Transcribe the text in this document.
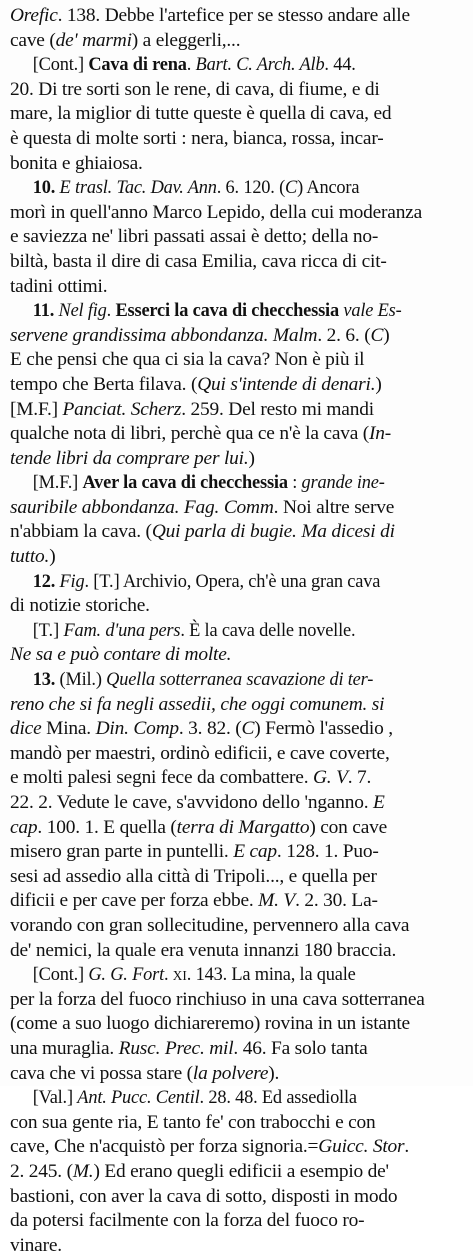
Orefic. 138. Debbe l'artefice per se stesso andare alle
cave (de' marmi) a eleggerli,...
[Cont.] Cava di rena. Bart. C. Arch. Alb. 44.
20. Di tre sorti son le rene, di cava, di fiume, e di
mare, la miglior di tutte queste è quella di cava, ed
è questa di molte sorti : nera, bianca, rossa, incar-
bonita e ghiaiosa.
10. E trasl. Tac. Dav. Ann. 6. 120. (C) Ancora
morì in quell'anno Marco Lepido, della cui moderanza
e saviezza ne' libri passati assai è detto; della no-
biltà, basta il dire di casa Emilia, cava ricca di cit-
tadini ottimi.
11. Nel fig. Esserci la cava di checchessia vale Es-
servene grandissima abbondanza. Malm. 2. 6. (C)
E che pensi che qua ci sia la cava? Non è più il
tempo che Berta filava. (Qui s'intende di denari.)
[M.F.] Panciat. Scherz. 259. Del resto mi mandi
qualche nota di libri, perchè qua ce n'è la cava (In-
tende libri da comprare per lui.)
[M.F.] Aver la cava di checchessia : grande ine-
sauribile abbondanza. Fag. Comm. Noi altre serve
n'abbiam la cava. (Qui parla di bugie. Ma dicesi di
tutto.)
12. Fig. [T.] Archivio, Opera, ch'è una gran cava
di notizie storiche.
[T.] Fam. d'una pers. È la cava delle novelle.
Ne sa e può contare di molte.
13. (Mil.) Quella sotterranea scavazione di ter-
reno che si fa negli assedii, che oggi comunem. si
dice Mina. Din. Comp. 3. 82. (C) Fermò l'assedio ,
mandò per maestri, ordinò edificii, e cave coverte,
e molti palesi segni fece da combattere. G. V. 7.
22. 2. Vedute le cave, s'avvidono dello 'nganno. E
cap. 100. 1. E quella (terra di Margatto) con cave
misero gran parte in puntelli. E cap. 128. 1. Puo-
sesi ad assedio alla città di Tripoli..., e quella per
dificii e per cave per forza ebbe. M. V. 2. 30. La-
vorando con gran sollecitudine, pervennero alla cava
de' nemici, la quale era venuta innanzi 180 braccia.
[Cont.] G. G. Fort. xi. 143. La mina, la quale
per la forza del fuoco rinchiuso in una cava sotterranea
(come a suo luogo dichiareremo) rovina in un istante
una muraglia. Rusc. Prec. mil. 46. Fa solo tanta
cava che vi possa stare (la polvere).
[Val.] Ant. Pucc. Centil. 28. 48. Ed assediolla
con sua gente ria, E tanto fe' con trabocchi e con
cave, Che n'acquistò per forza signoria.=Guicc. Stor.
2. 245. (M.) Ed erano quegli edificii a esempio de'
bastioni, con aver la cava di sotto, disposti in modo
da potersi facilmente con la forza del fuoco ro-
vinare.
